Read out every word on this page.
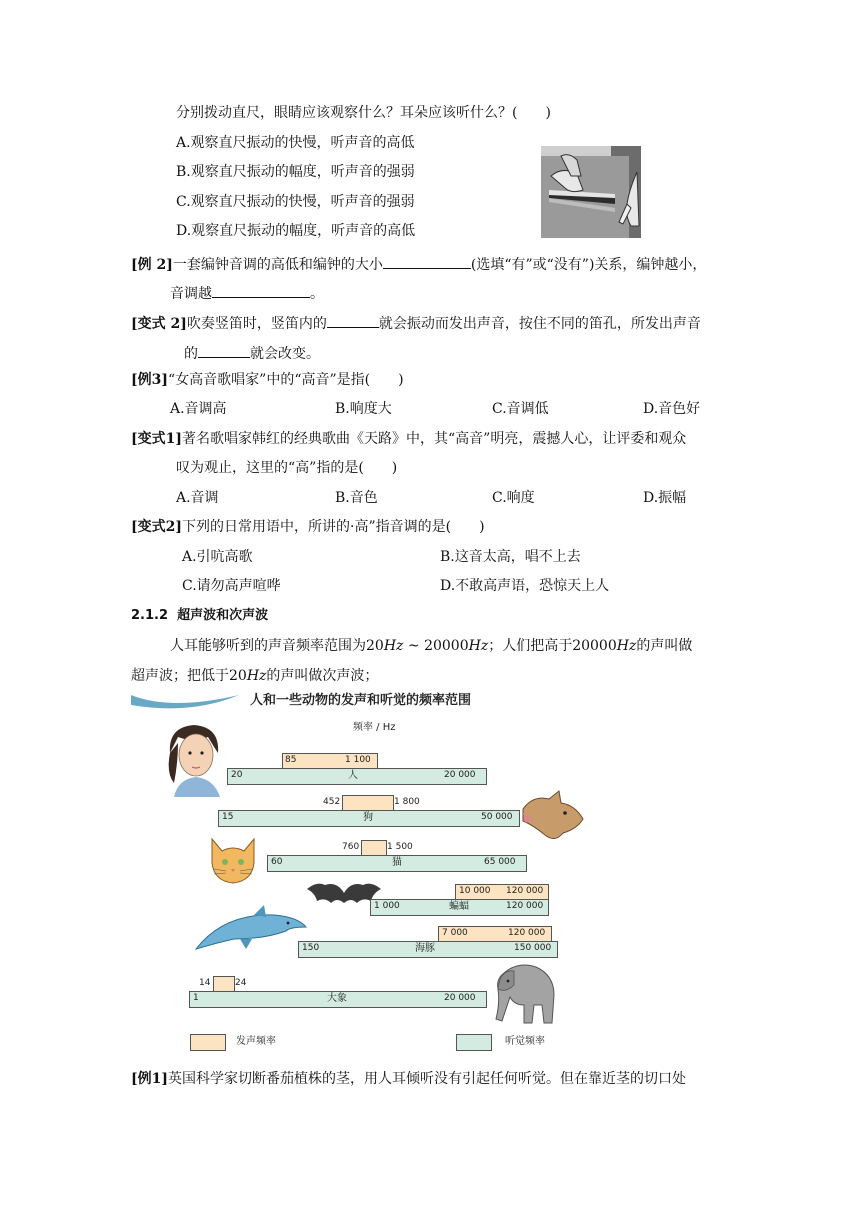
分别拨动直尺，眼睛应该观察什么？耳朵应该听什么？(　　)
A.观察直尺振动的快慢，听声音的高低
B.观察直尺振动的幅度，听声音的强弱
C.观察直尺振动的快慢，听声音的强弱
D.观察直尺振动的幅度，听声音的高低
[例 2]一套编钟音调的高低和编钟的大小	(选填“有”或“没有”)关系，编钟越小，
音调越	。
[变式 2]吹奏竖笛时，竖笛内的	就会振动而发出声音，按住不同的笛孔，所发出声音
的	就会改变。
[例3]“女高音歌唱家”中的“高音”是指(　　)
A.音调高	B.响度大	C.音调低	D.音色好
[变式1]著名歌唱家韩红的经典歌曲《天路》中，其“高音”明亮，震撼人心，让评委和观众
叹为观止，这里的“高”指的是(　　)
A.音调	B.音色	C.响度	D.振幅
[变式2]下列的日常用语中，所讲的·高”指音调的是(　　)
A.引吭高歌	B.这音太高，唱不上去
C.请勿高声喧哗	D.不敢高声语，恐惊天上人
2.1.2 超声波和次声波
人耳能够听到的声音频率范围为20Hz ~ 20000Hz；人们把高于20000Hz的声叫做
超声波；把低于20Hz的声叫做次声波；
人和一些动物的发声和听觉的频率范围
频率 / Hz
85	1 100
20	人	20 000
452	1 800
15	狗	50 000
760	1 500
60	猫	65 000
10 000 120 000
1 000	蝙蝠	120 000
7 000	120 000
150	海豚	150 000
14	24
1	大象	20 000
发声频率	听觉频率
[例1]英国科学家切断番茄植株的茎，用人耳倾听没有引起任何听觉。但在靠近茎的切口处
